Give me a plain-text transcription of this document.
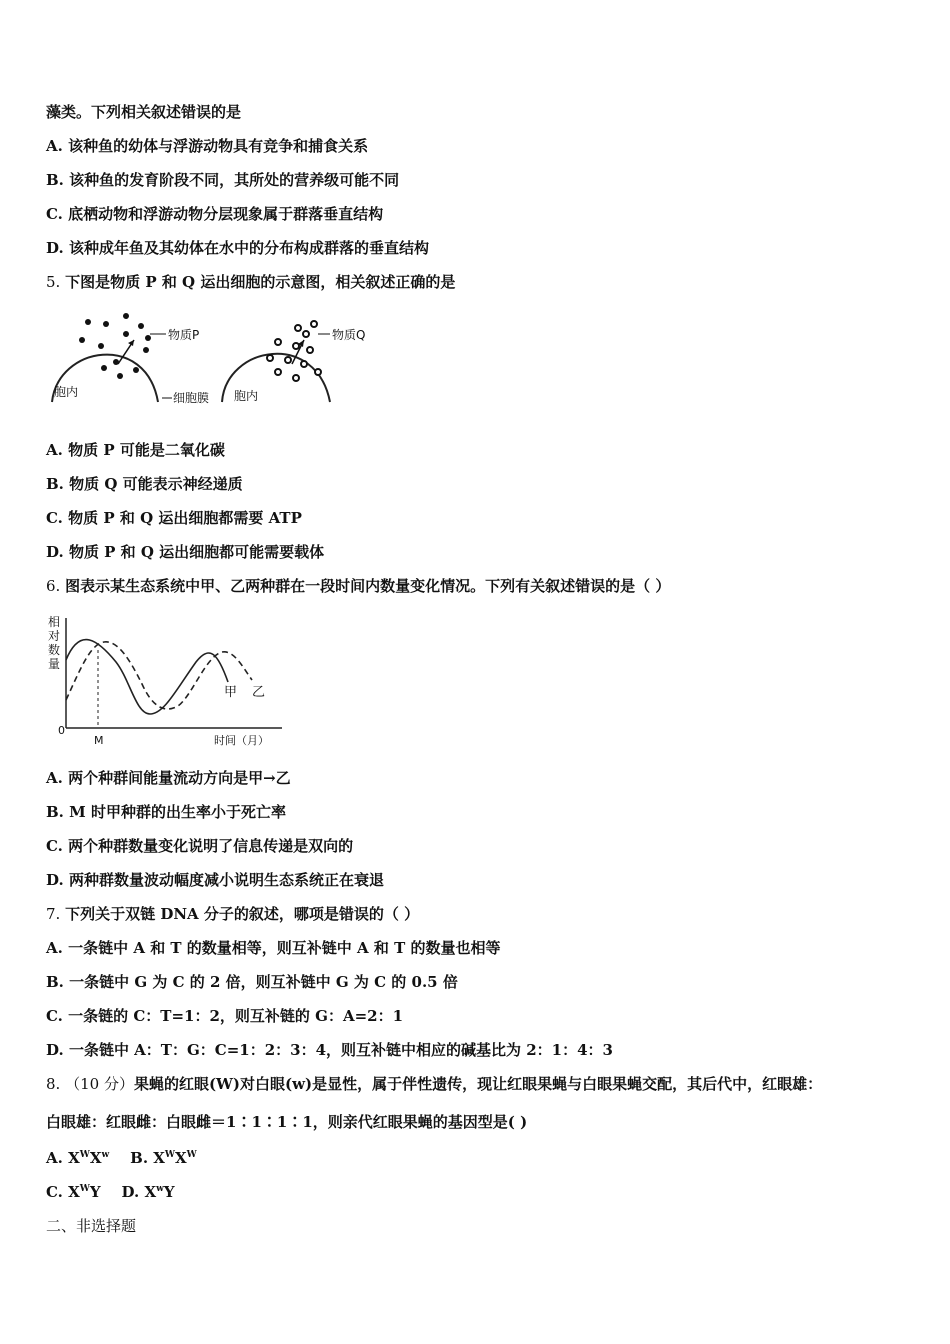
藻类。下列相关叙述错误的是
A. 该种鱼的幼体与浮游动物具有竞争和捕食关系
B. 该种鱼的发育阶段不同，其所处的营养级可能不同
C. 底栖动物和浮游动物分层现象属于群落垂直结构
D. 该种成年鱼及其幼体在水中的分布构成群落的垂直结构
5. 下图是物质 P 和 Q 运出细胞的示意图，相关叙述正确的是
物质P
胞内	细胞膜
物质Q
胞内
A. 物质 P 可能是二氧化碳
B. 物质 Q 可能表示神经递质
C. 物质 P 和 Q 运出细胞都需要 ATP
D. 物质 P 和 Q 运出细胞都可能需要载体
6. 图表示某生态系统中甲、乙两种群在一段时间内数量变化情况。下列有关叙述错误的是（ ）
相
对
数
量
0
M	时间（月）
甲 乙
A. 两个种群间能量流动方向是甲→乙
B. M 时甲种群的出生率小于死亡率
C. 两个种群数量变化说明了信息传递是双向的
D. 两种群数量波动幅度减小说明生态系统正在衰退
7. 下列关于双链 DNA 分子的叙述，哪项是错误的（ ）
A. 一条链中 A 和 T 的数量相等，则互补链中 A 和 T 的数量也相等
B. 一条链中 G 为 C 的 2 倍，则互补链中 G 为 C 的 0.5 倍
C. 一条链的 C：T=1：2，则互补链的 G：A=2：1
D. 一条链中 A：T：G：C=1：2：3：4，则互补链中相应的碱基比为 2：1：4：3
8. （10 分）果蝇的红眼(W)对白眼(w)是显性，属于伴性遗传，现让红眼果蝇与白眼果蝇交配，其后代中，红眼雄：
白眼雄：红眼雌：白眼雌＝1∶1∶1∶1，则亲代红眼果蝇的基因型是( )
A. $X^WX^w$ B. $X^WX^W$
C. $X^WY$ D. $X^wY$
二、非选择题
